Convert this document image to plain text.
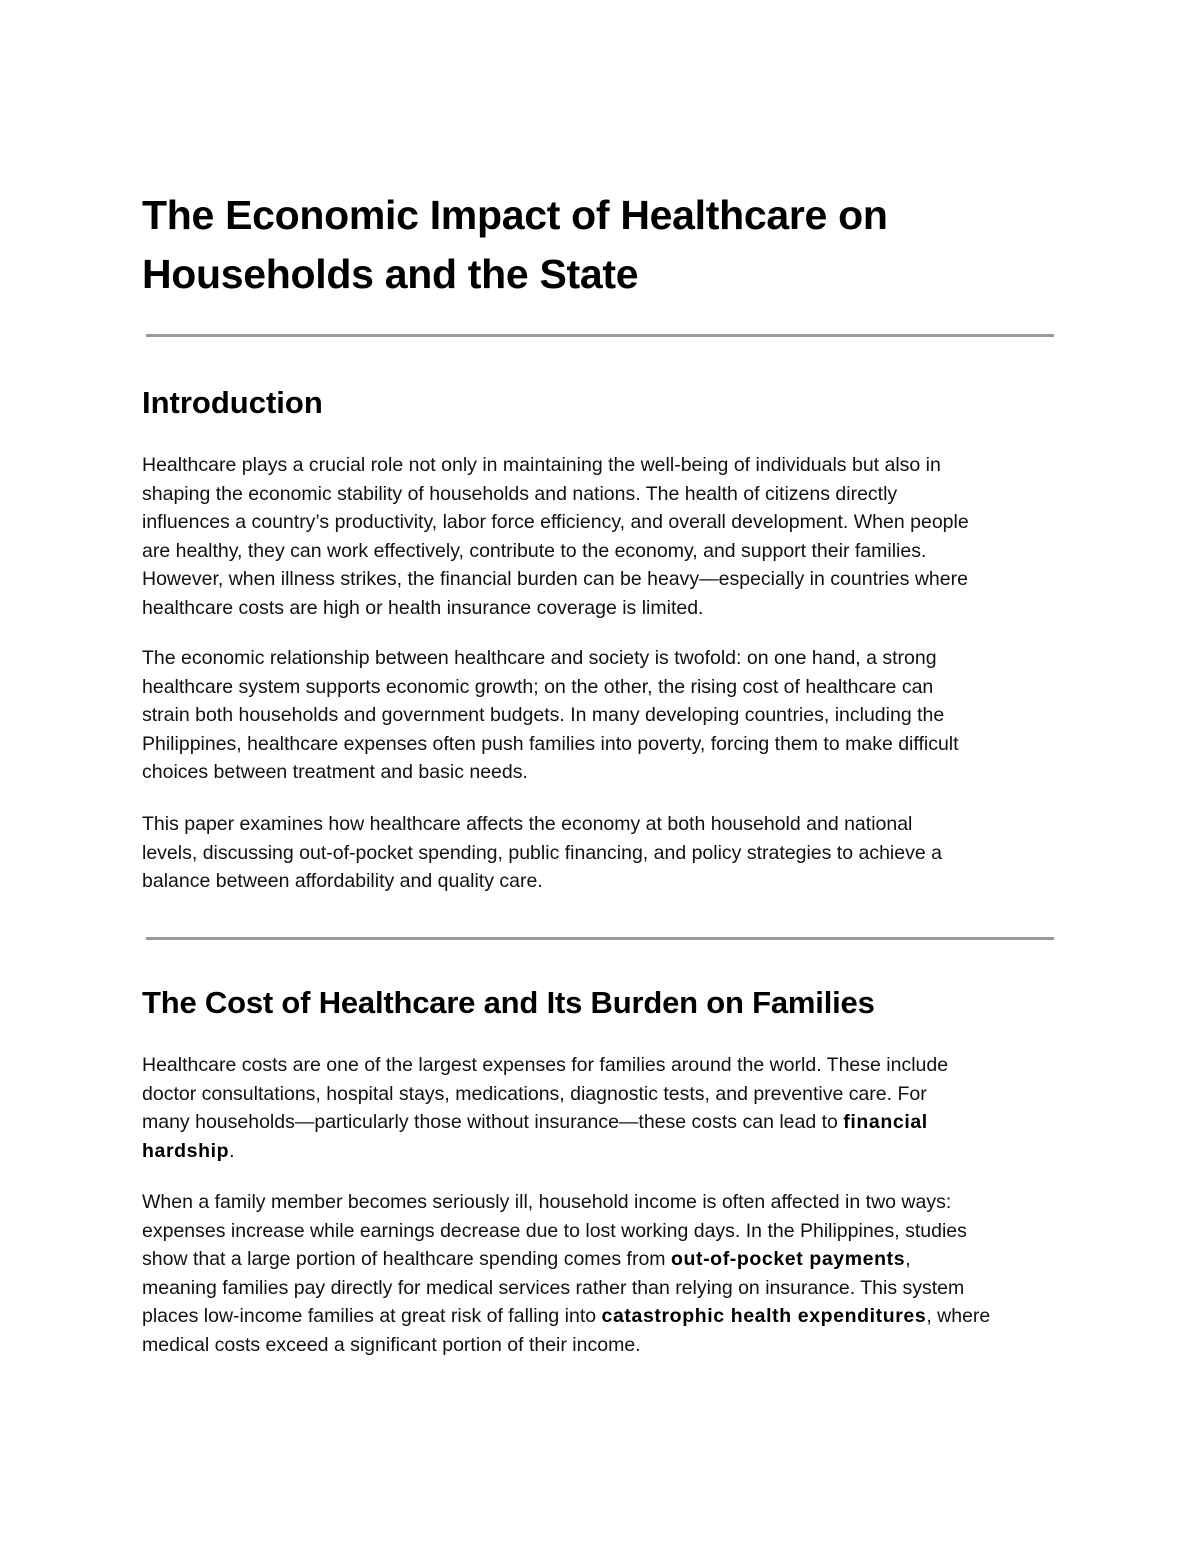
The Economic Impact of Healthcare on
Households and the State
Introduction

Healthcare plays a crucial role not only in maintaining the well-being of individuals but also in
shaping the economic stability of households and nations. The health of citizens directly
influences a country’s productivity, labor force efficiency, and overall development. When people
are healthy, they can work effectively, contribute to the economy, and support their families.
However, when illness strikes, the financial burden can be heavy—especially in countries where
healthcare costs are high or health insurance coverage is limited.

The economic relationship between healthcare and society is twofold: on one hand, a strong
healthcare system supports economic growth; on the other, the rising cost of healthcare can
strain both households and government budgets. In many developing countries, including the
Philippines, healthcare expenses often push families into poverty, forcing them to make difficult
choices between treatment and basic needs.

This paper examines how healthcare affects the economy at both household and national
levels, discussing out-of-pocket spending, public financing, and policy strategies to achieve a
balance between affordability and quality care.

The Cost of Healthcare and Its Burden on Families

Healthcare costs are one of the largest expenses for families around the world. These include
doctor consultations, hospital stays, medications, diagnostic tests, and preventive care. For
many households—particularly those without insurance—these costs can lead to financial
hardship.

When a family member becomes seriously ill, household income is often affected in two ways:
expenses increase while earnings decrease due to lost working days. In the Philippines, studies
show that a large portion of healthcare spending comes from out-of-pocket payments,
meaning families pay directly for medical services rather than relying on insurance. This system
places low-income families at great risk of falling into catastrophic health expenditures, where
medical costs exceed a significant portion of their income.
